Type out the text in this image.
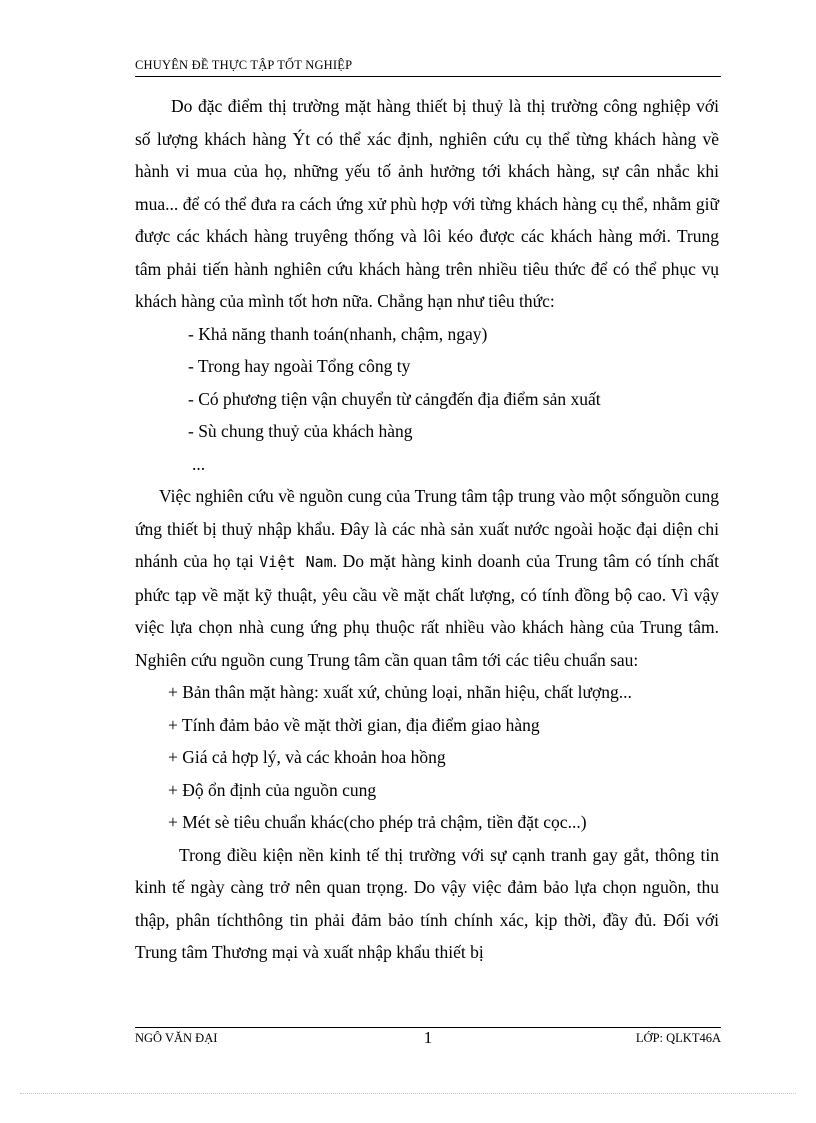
CHUYÊN ĐỀ THỰC TẬP TỐT NGHIỆP

Do đặc điểm thị trường mặt hàng thiết bị thuỷ là thị trường công nghiệp với số lượng khách hàng Ýt có thể xác định, nghiên cứu cụ thể từng khách hàng về hành vi mua của họ, những yếu tố ảnh hưởng tới khách hàng, sự cân nhắc khi mua... để có thể đưa ra cách ứng xử phù hợp với từng khách hàng cụ thể, nhằm giữ được các khách hàng truyêng thống và lôi kéo được các khách hàng mới. Trung tâm phải tiến hành nghiên cứu khách hàng trên nhiều tiêu thức để có thể phục vụ khách hàng của mình tốt hơn nữa. Chẳng hạn như tiêu thức:

- Khả năng thanh toán(nhanh, chậm, ngay)

- Trong hay ngoài Tổng công ty

- Có phương tiện vận chuyển từ cảngđến địa điểm sản xuất

- Sù chung thuỷ của khách hàng

...

Việc nghiên cứu về nguồn cung của Trung tâm tập trung vào một sốnguồn cung ứng thiết bị thuỷ nhập khẩu. Đây là các nhà sản xuất nước ngoài hoặc đại diện chi nhánh của họ tại Việt Nam. Do mặt hàng kinh doanh của Trung tâm có tính chất phức tạp về mặt kỹ thuật, yêu cầu về mặt chất lượng, có tính đồng bộ cao. Vì vậy việc lựa chọn nhà cung ứng phụ thuộc rất nhiều vào khách hàng của Trung tâm. Nghiên cứu nguồn cung Trung tâm cần quan tâm tới các tiêu chuẩn sau:

+ Bản thân mặt hàng: xuất xứ, chủng loại, nhãn hiệu, chất lượng...

+ Tính đảm bảo về mặt thời gian, địa điểm giao hàng

+ Giá cả hợp lý, và các khoản hoa hồng

+ Độ ổn định của nguồn cung

+ Mét sè tiêu chuẩn khác(cho phép trả chậm, tiền đặt cọc...)

Trong điều kiện nền kinh tế thị trường với sự cạnh tranh gay gắt, thông tin kinh tế ngày càng trở nên quan trọng. Do vậy việc đảm bảo lựa chọn nguồn, thu thập, phân tíchthông tin phải đảm bảo tính chính xác, kịp thời, đầy đủ. Đối với Trung tâm Thương mại và xuất nhập khẩu thiết bị

NGÔ VĂN ĐẠI	1	LỚP: QLKT46A
